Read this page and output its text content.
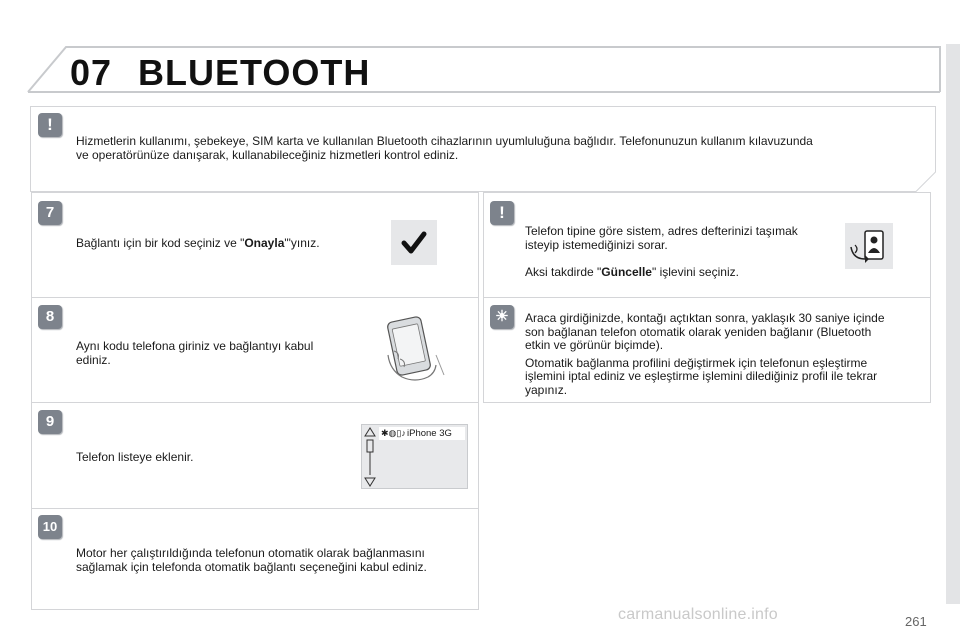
07 BLUETOOTH
!
Hizmetlerin kullanımı, şebekeye, SIM karta ve kullanılan Bluetooth cihazlarının uyumluluğuna bağlıdır. Telefonunuzun kullanım kılavuzunda
ve operatörünüze danışarak, kullanabileceğiniz hizmetleri kontrol ediniz.
7
Bağlantı için bir kod seçiniz ve "Onayla"'yınız.
8
Aynı kodu telefona giriniz ve bağlantıyı kabul
ediniz.
9
Telefon listeye eklenir.
✱◍▯♪ iPhone 3G
10
Motor her çalıştırıldığında telefonun otomatik olarak bağlanmasını
sağlamak için telefonda otomatik bağlantı seçeneğini kabul ediniz.
!
Telefon tipine göre sistem, adres defterinizi taşımak
isteyip istemediğinizi sorar.
Aksi takdirde "Güncelle" işlevini seçiniz.
☀	Araca girdiğinizde, kontağı açtıktan sonra, yaklaşık 30 saniye içinde
son bağlanan telefon otomatik olarak yeniden bağlanır (Bluetooth
etkin ve görünür biçimde).
Otomatik bağlanma profilini değiştirmek için telefonun eşleştirme
işlemini iptal ediniz ve eşleştirme işlemini dilediğiniz profil ile tekrar
yapınız.
carmanualsonline.info	261
